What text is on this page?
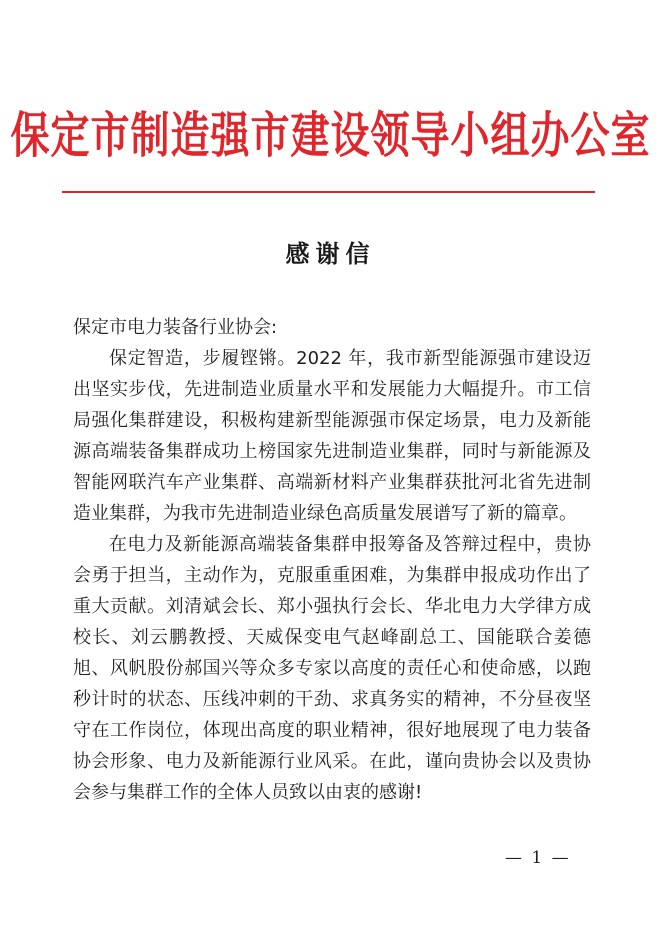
保定市制造强市建设领导小组办公室
感谢信

保定市电力装备行业协会:

保定智造，步履铿锵。2022 年，我市新型能源强市建设迈出坚实步伐，先进制造业质量水平和发展能力大幅提升。市工信局强化集群建设，积极构建新型能源强市保定场景，电力及新能源高端装备集群成功上榜国家先进制造业集群，同时与新能源及智能网联汽车产业集群、高端新材料产业集群获批河北省先进制造业集群，为我市先进制造业绿色高质量发展谱写了新的篇章。

在电力及新能源高端装备集群申报筹备及答辩过程中，贵协会勇于担当，主动作为，克服重重困难，为集群申报成功作出了重大贡献。刘清斌会长、郑小强执行会长、华北电力大学律方成校长、刘云鹏教授、天威保变电气赵峰副总工、国能联合姜德旭、风帆股份郝国兴等众多专家以高度的责任心和使命感，以跑秒计时的状态、压线冲刺的干劲、求真务实的精神，不分昼夜坚守在工作岗位，体现出高度的职业精神，很好地展现了电力装备协会形象、电力及新能源行业风采。在此，谨向贵协会以及贵协会参与集群工作的全体人员致以由衷的感谢!

— 1 —
